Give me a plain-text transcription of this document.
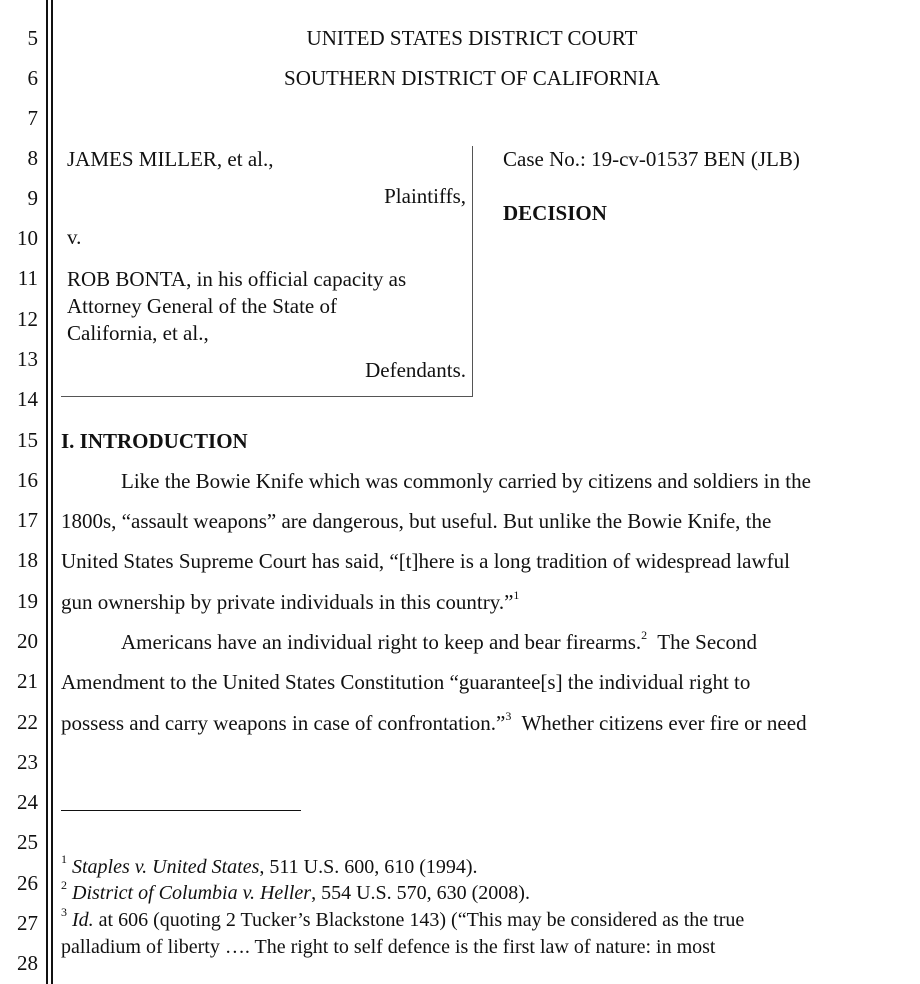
5
6
7
8
9
10
11
12
13
14
15
16
17
18
19
20
21
22
23
24
25
26
27
28
UNITED STATES DISTRICT COURT
SOUTHERN DISTRICT OF CALIFORNIA
JAMES MILLER, et al.,
Plaintiffs,
v.
ROB BONTA, in his official capacity as
Attorney General of the State of
California, et al.,
Defendants.
Case No.: 19-cv-01537 BEN (JLB)
DECISION
I. INTRODUCTION
Like the Bowie Knife which was commonly carried by citizens and soldiers in the
1800s, “assault weapons” are dangerous, but useful. But unlike the Bowie Knife, the
United States Supreme Court has said, “[t]here is a long tradition of widespread lawful
gun ownership by private individuals in this country.”$^1$
Americans have an individual right to keep and bear firearms.$^2$  The Second
Amendment to the United States Constitution “guarantee[s] the individual right to
possess and carry weapons in case of confrontation.”$^3$  Whether citizens ever fire or need
$^1$ Staples v. United States, 511 U.S. 600, 610 (1994).
$^2$ District of Columbia v. Heller, 554 U.S. 570, 630 (2008).
$^3$ Id. at 606 (quoting 2 Tucker’s Blackstone 143) (“This may be considered as the true
palladium of liberty …. The right to self defence is the first law of nature: in most
